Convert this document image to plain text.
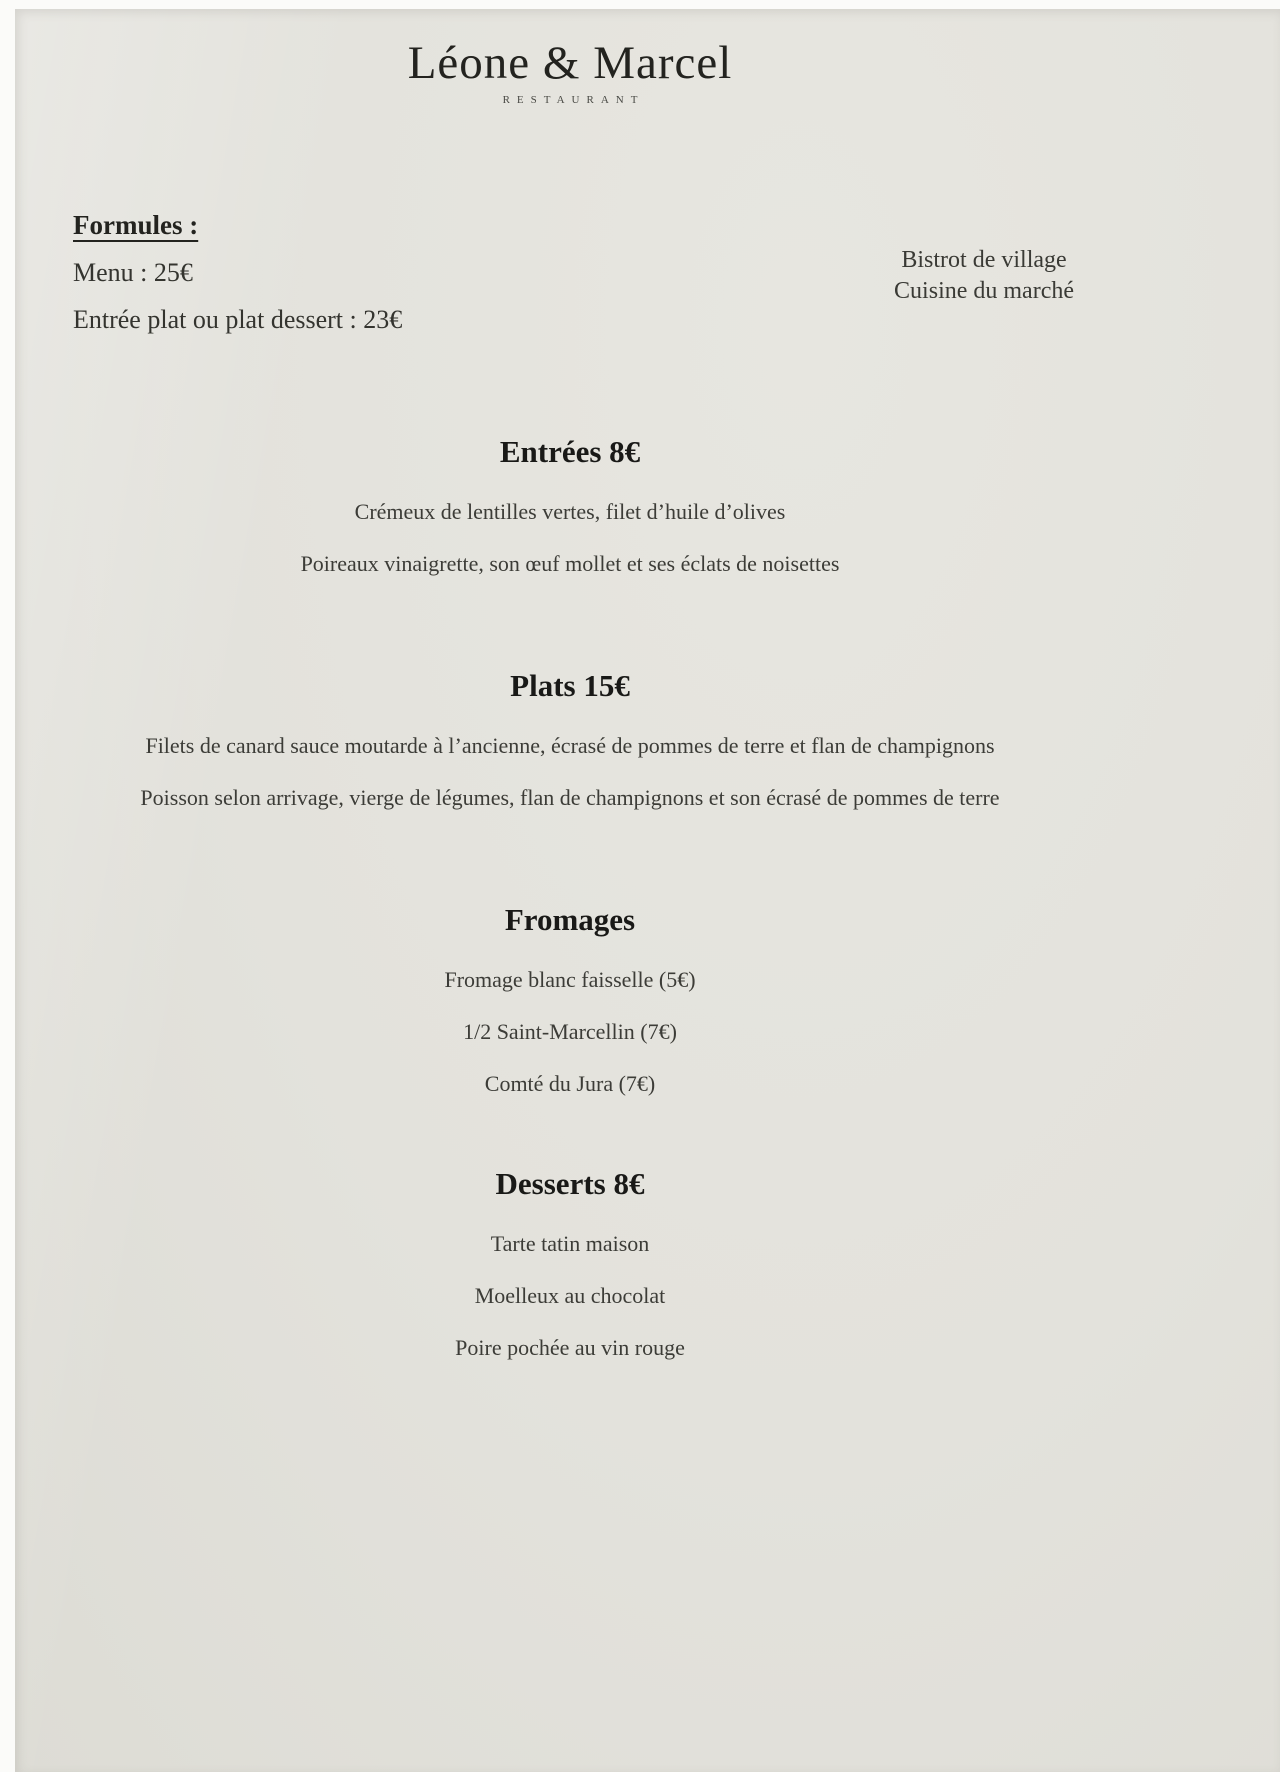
Léone & Marcel
RESTAURANT
Formules :
Menu : 25€
Entrée plat ou plat dessert : 23€
Bistrot de village
Cuisine du marché
Entrées 8€

Crémeux de lentilles vertes, filet d’huile d’olives

Poireaux vinaigrette, son œuf mollet et ses éclats de noisettes

Plats 15€

Filets de canard sauce moutarde à l’ancienne, écrasé de pommes de terre et flan de champignons

Poisson selon arrivage, vierge de légumes, flan de champignons et son écrasé de pommes de terre

Fromages

Fromage blanc faisselle (5€)

1/2 Saint-Marcellin (7€)

Comté du Jura (7€)

Desserts 8€

Tarte tatin maison

Moelleux au chocolat

Poire pochée au vin rouge
